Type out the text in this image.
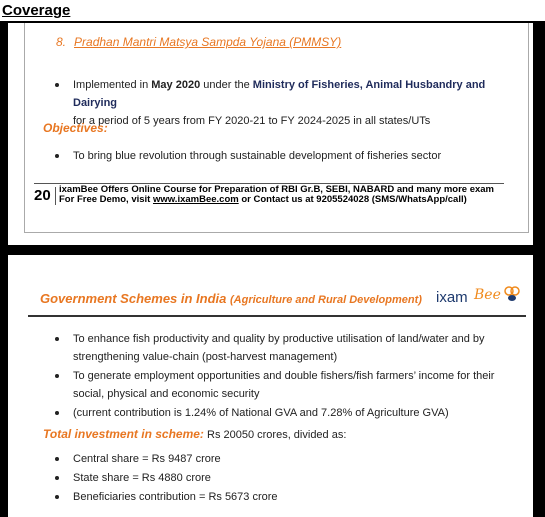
Coverage
8. Pradhan Mantri Matsya Sampda Yojana (PMMSY)
Implemented in May 2020 under the Ministry of Fisheries, Animal Husbandry and Dairying
for a period of 5 years from FY 2020-21 to FY 2024-2025 in all states/UTs
Objectives:
To bring blue revolution through sustainable development of fisheries sector
20 ixamBee Offers Online Course for Preparation of RBI Gr.B, SEBI, NABARD and many more exam
For Free Demo, visit www.ixamBee.com or Contact us at 9205524028 (SMS/WhatsApp/call)
Government Schemes in India (Agriculture and Rural Development) ixam Bee
To enhance fish productivity and quality by productive utilisation of land/water and by strengthening value-chain (post-harvest management)
To generate employment opportunities and double fishers/fish farmers’ income for their social, physical and economic security
(current contribution is 1.24% of National GVA and 7.28% of Agriculture GVA)
Total investment in scheme: Rs 20050 crores, divided as:
Central share = Rs 9487 crore
State share = Rs 4880 crore
Beneficiaries contribution = Rs 5673 crore
